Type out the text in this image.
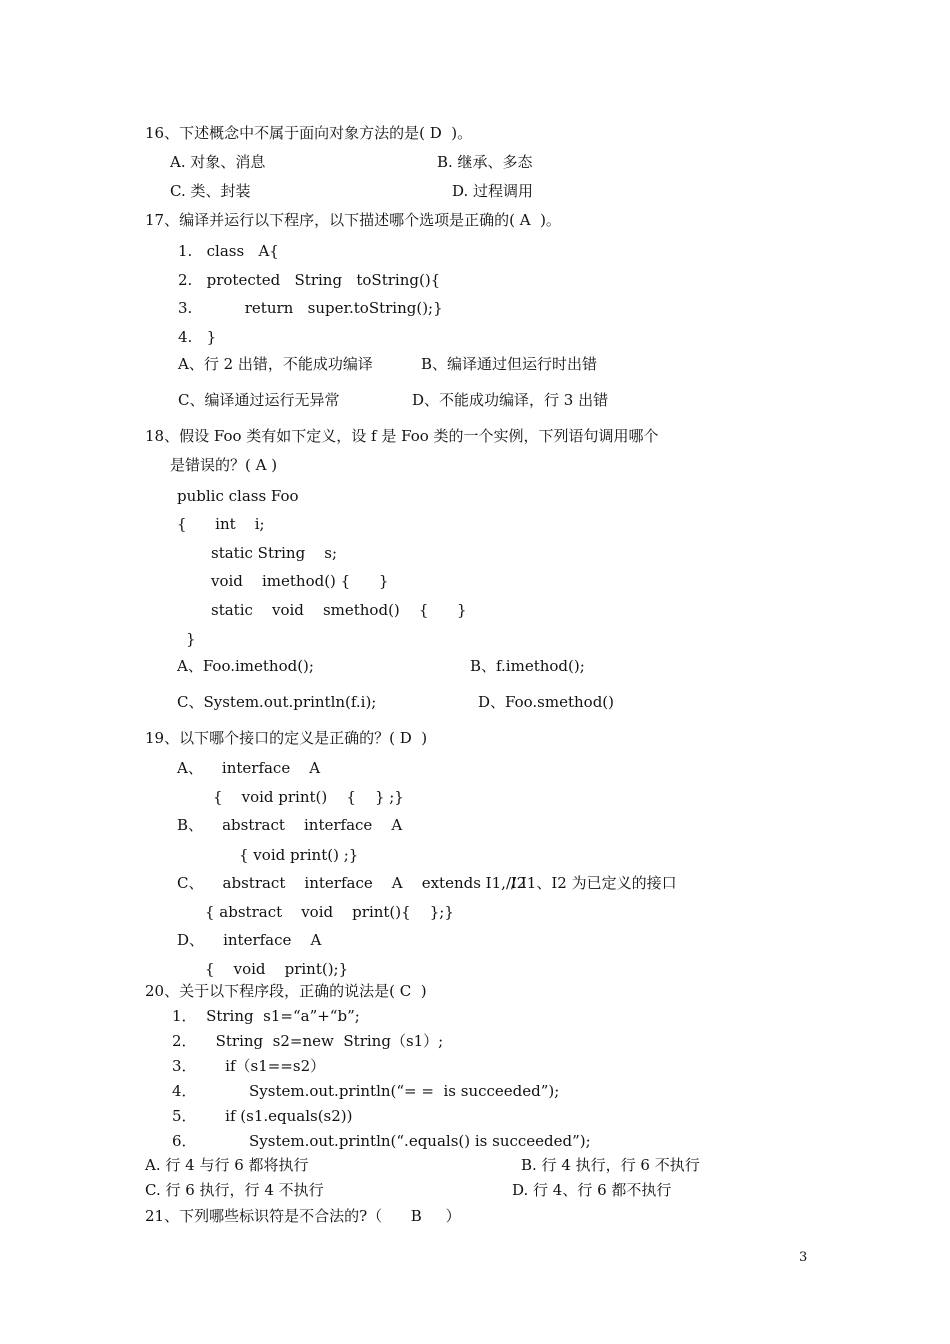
16、下述概念中不属于面向对象方法的是( D  )。
A. 对象、消息	B. 继承、多态
C. 类、封装	D. 过程调用
17、编译并运行以下程序，以下描述哪个选项是正确的( A  )。
1.   class   A{
2.   protected   String   toString(){
3.           return   super.toString();}
4.   }
A、行 2 出错，不能成功编译	B、编译通过但运行时出错
C、编译通过运行无异常	D、不能成功编译，行 3 出错
18、假设 Foo 类有如下定义，设 f 是 Foo 类的一个实例，下列语句调用哪个
是错误的？( A )
public class Foo
{      int    i;
static String    s;
void    imethod() {      }
static    void    smethod()    {      }
}
A、Foo.imethod();	B、f.imethod();
C、System.out.println(f.i);	D、Foo.smethod()
19、以下哪个接口的定义是正确的？( D  )
A、    interface    A
{    void print()    {    } ;}
B、    abstract    interface    A
{ void print() ;}
C、    abstract    interface    A    extends I1, I2
// I1、I2 为已定义的接口
{ abstract    void    print(){    };}
D、    interface    A
{    void    print();}
20、关于以下程序段，正确的说法是( C  )
1．  String  s1=“a”+“b”;
2．    String  s2=new  String（s1）;
3．      if（s1==s2）
4．           System.out.println(“= =  is succeeded”);
5．      if (s1.equals(s2))
6．           System.out.println(“.equals() is succeeded”);
A. 行 4 与行 6 都将执行	B. 行 4 执行，行 6 不执行
C. 行 6 执行，行 4 不执行	D. 行 4、行 6 都不执行
21、下列哪些标识符是不合法的?（      B     ）
3
